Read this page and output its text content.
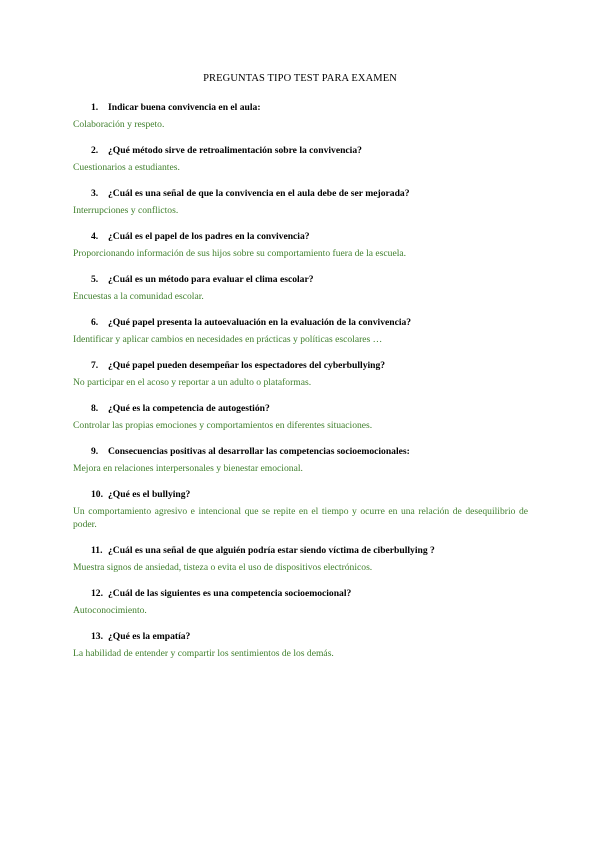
PREGUNTAS TIPO TEST PARA EXAMEN
1. Indicar buena convivencia en el aula:
Colaboración y respeto.
2. ¿Qué método sirve de retroalimentación sobre la convivencia?
Cuestionarios a estudiantes.
3. ¿Cuál es una señal de que la convivencia en el aula debe de ser mejorada?
Interrupciones y conflictos.
4. ¿Cuál es el papel de los padres en la convivencia?
Proporcionando información de sus hijos sobre su comportamiento fuera de la escuela.
5. ¿Cuál es un método para evaluar el clima escolar?
Encuestas a la comunidad escolar.
6. ¿Qué papel presenta la autoevaluación en la evaluación de la convivencia?
Identificar y aplicar cambios en necesidades en prácticas y políticas escolares …
7. ¿Qué papel pueden desempeñar los espectadores del cyberbullying?
No participar en el acoso y reportar a un adulto o plataformas.
8. ¿Qué es la competencia de autogestión?
Controlar las propias emociones y comportamientos en diferentes situaciones.
9. Consecuencias positivas al desarrollar las competencias socioemocionales:
Mejora en relaciones interpersonales y bienestar emocional.
10. ¿Qué es el bullying?
Un comportamiento agresivo e intencional que se repite en el tiempo y ocurre en una relación de desequilibrio de poder.
11. ¿Cuál es una señal de que alguién podría estar siendo víctima de ciberbullying ?
Muestra signos de ansiedad, tisteza o evita el uso de dispositivos electrónicos.
12. ¿Cuál de las siguientes es una competencia socioemocional?
Autoconocimiento.
13. ¿Qué es la empatía?
La habilidad de entender y compartir los sentimientos de los demás.
